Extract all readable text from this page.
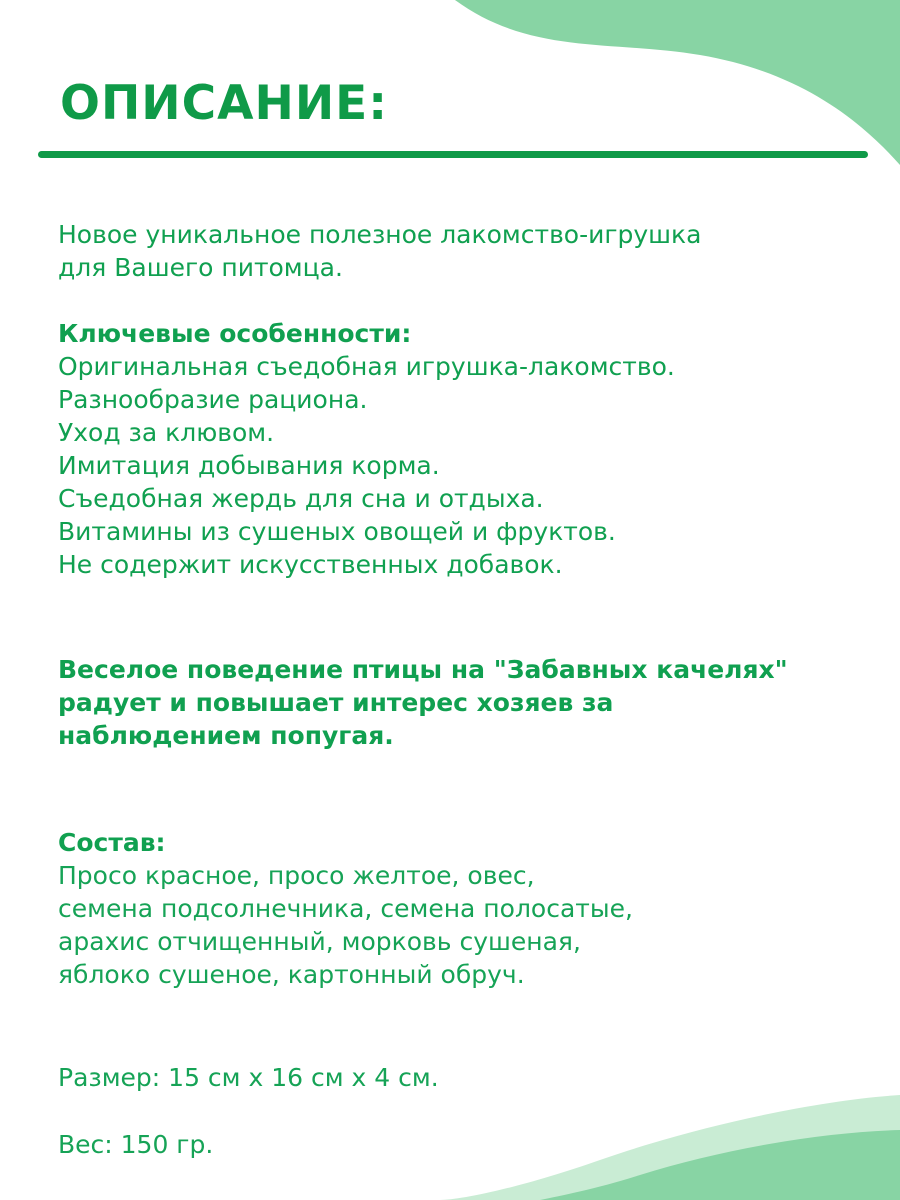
ОПИСАНИЕ:

Новое уникальное полезное лакомство-игрушка

для Вашего питомца.

Ключевые особенности:

Оригинальная съедобная игрушка-лакомство.

Разнообразие рациона.

Уход за клювом.

Имитация добывания корма.

Съедобная жердь для сна и отдыха.

Витамины из сушеных овощей и фруктов.

Не содержит искусственных добавок.

Веселое поведение птицы на "Забавных качелях"

радует и повышает интерес хозяев за

наблюдением попугая.

Состав:

Просо красное, просо желтое, овес,

семена подсолнечника, семена полосатые,

арахис отчищенный, морковь сушеная,

яблоко сушеное, картонный обруч.

Размер: 15 см х 16 см х 4 см.
Вес: 150 гр.
